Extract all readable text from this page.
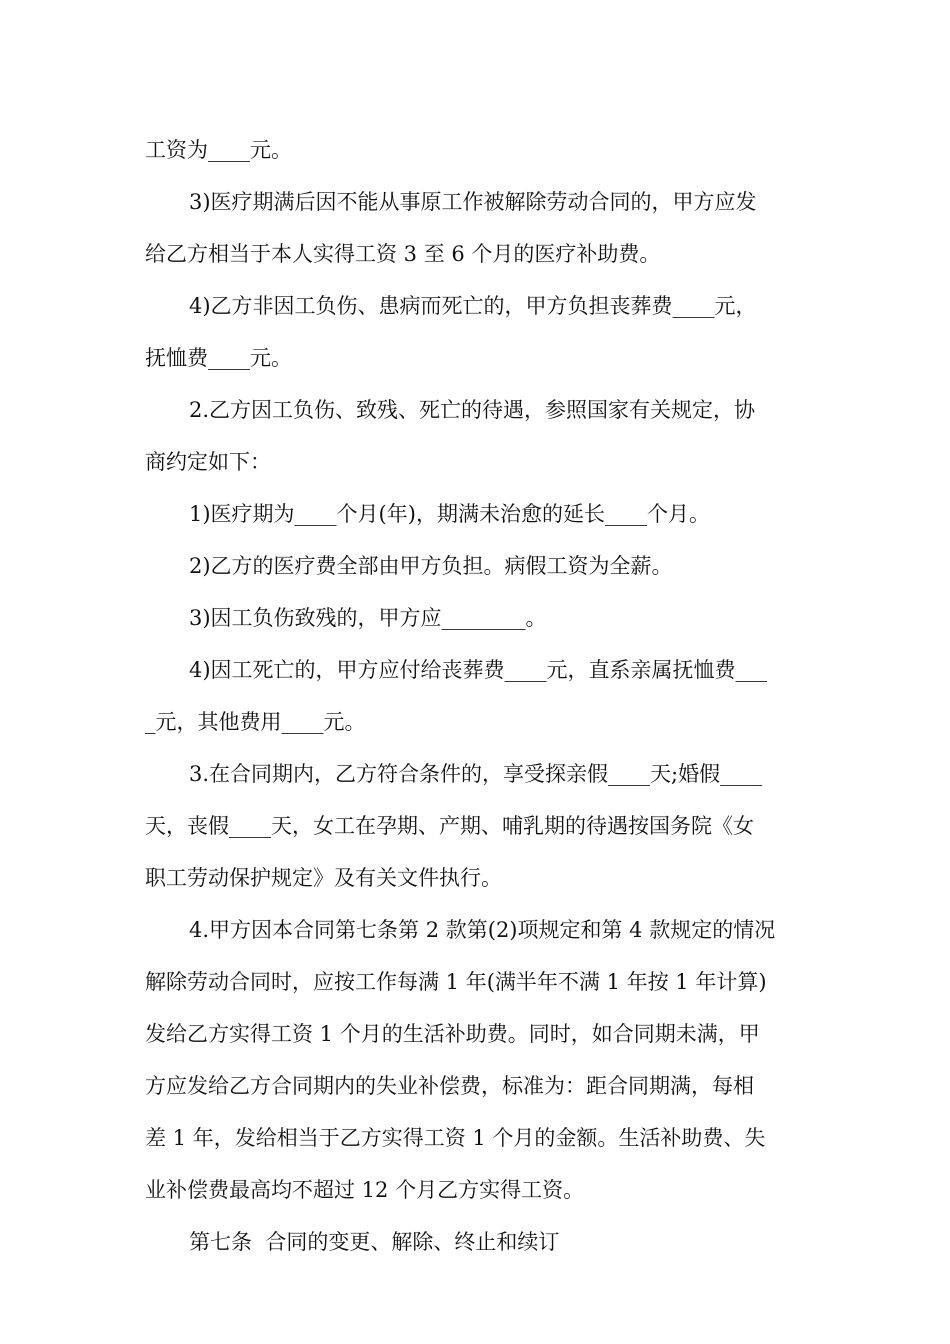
工资为____元。
3)医疗期满后因不能从事原工作被解除劳动合同的，甲方应发
给乙方相当于本人实得工资 3 至 6 个月的医疗补助费。
4)乙方非因工负伤、患病而死亡的，甲方负担丧葬费____元，
抚恤费____元。
2.乙方因工负伤、致残、死亡的待遇，参照国家有关规定，协
商约定如下：
1)医疗期为____个月(年)，期满未治愈的延长____个月。
2)乙方的医疗费全部由甲方负担。病假工资为全薪。
3)因工负伤致残的，甲方应________。
4)因工死亡的，甲方应付给丧葬费____元，直系亲属抚恤费___
_元，其他费用____元。
3.在合同期内，乙方符合条件的，享受探亲假____天;婚假____
天，丧假____天，女工在孕期、产期、哺乳期的待遇按国务院《女
职工劳动保护规定》及有关文件执行。
4.甲方因本合同第七条第 2 款第(2)项规定和第 4 款规定的情况
解除劳动合同时，应按工作每满 1 年(满半年不满 1 年按 1 年计算)
发给乙方实得工资 1 个月的生活补助费。同时，如合同期未满，甲
方应发给乙方合同期内的失业补偿费，标准为：距合同期满，每相
差 1 年，发给相当于乙方实得工资 1 个月的金额。生活补助费、失
业补偿费最高均不超过 12 个月乙方实得工资。
第七条  合同的变更、解除、终止和续订
